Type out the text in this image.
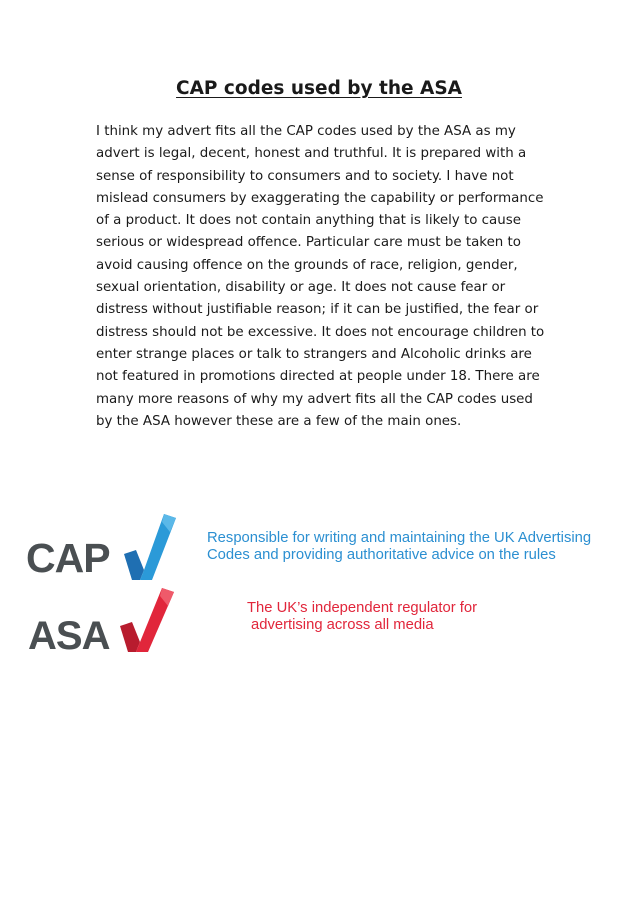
CAP codes used by the ASA

I think my advert fits all the CAP codes used by the ASA as my advert is legal, decent, honest and truthful. It is prepared with a sense of responsibility to consumers and to society. I have not mislead consumers by exaggerating the capability or performance of a product. It does not contain anything that is likely to cause serious or widespread offence. Particular care must be taken to avoid causing offence on the grounds of race, religion, gender, sexual orientation, disability or age. It does not cause fear or distress without justifiable reason; if it can be justified, the fear or distress should not be excessive. It does not encourage children to enter strange places or talk to strangers and Alcoholic drinks are not featured in promotions directed at people under 18. There are many more reasons of why my advert fits all the CAP codes used by the ASA however these are a few of the main ones.

CAP	Responsible for writing and maintaining the UK Advertising
Codes and providing authoritative advice on the rules

ASA

The UK’s independent regulator for
advertising across all media
